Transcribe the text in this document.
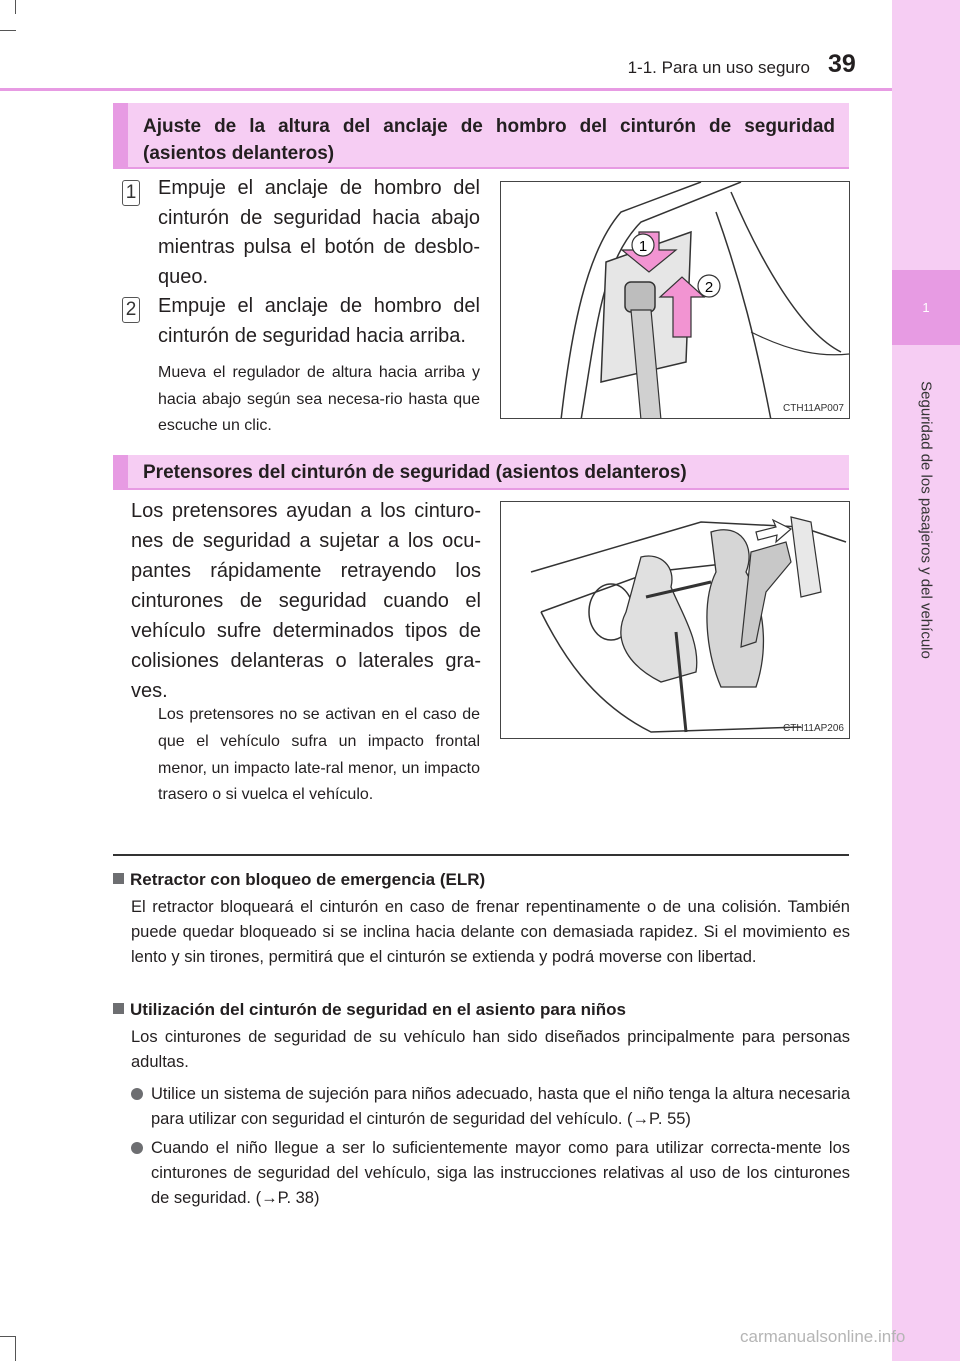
1
Seguridad de los pasajeros y del vehículo
1-1. Para un uso seguro 39
Ajuste de la altura del anclaje de hombro del cinturón de seguridad (asientos delanteros)
1 Empuje el anclaje de hombro del cinturón de seguridad hacia abajo mientras pulsa el botón de desblo-queo.
2 Empuje el anclaje de hombro del cinturón de seguridad hacia arriba.
Mueva el regulador de altura hacia arriba y hacia abajo según sea necesa-rio hasta que escuche un clic.
1
2
CTH11AP007
Pretensores del cinturón de seguridad (asientos delanteros)
Los pretensores ayudan a los cinturo-nes de seguridad a sujetar a los ocu-pantes rápidamente retrayendo los cinturones de seguridad cuando el vehículo sufre determinados tipos de colisiones delanteras o laterales gra-ves.
Los pretensores no se activan en el caso de que el vehículo sufra un impacto frontal menor, un impacto late-ral menor, un impacto trasero o si vuelca el vehículo.
CTH11AP206
Retractor con bloqueo de emergencia (ELR)
El retractor bloqueará el cinturón en caso de frenar repentinamente o de una colisión. También puede quedar bloqueado si se inclina hacia delante con demasiada rapidez. Si el movimiento es lento y sin tirones, permitirá que el cinturón se extienda y podrá moverse con libertad.
Utilización del cinturón de seguridad en el asiento para niños
Los cinturones de seguridad de su vehículo han sido diseñados principalmente para personas adultas.
Utilice un sistema de sujeción para niños adecuado, hasta que el niño tenga la altura necesaria para utilizar con seguridad el cinturón de seguridad del vehículo. (→P. 55)
Cuando el niño llegue a ser lo suficientemente mayor como para utilizar correcta-mente los cinturones de seguridad del vehículo, siga las instrucciones relativas al uso de los cinturones de seguridad. (→P. 38)
carmanualsonline.info
